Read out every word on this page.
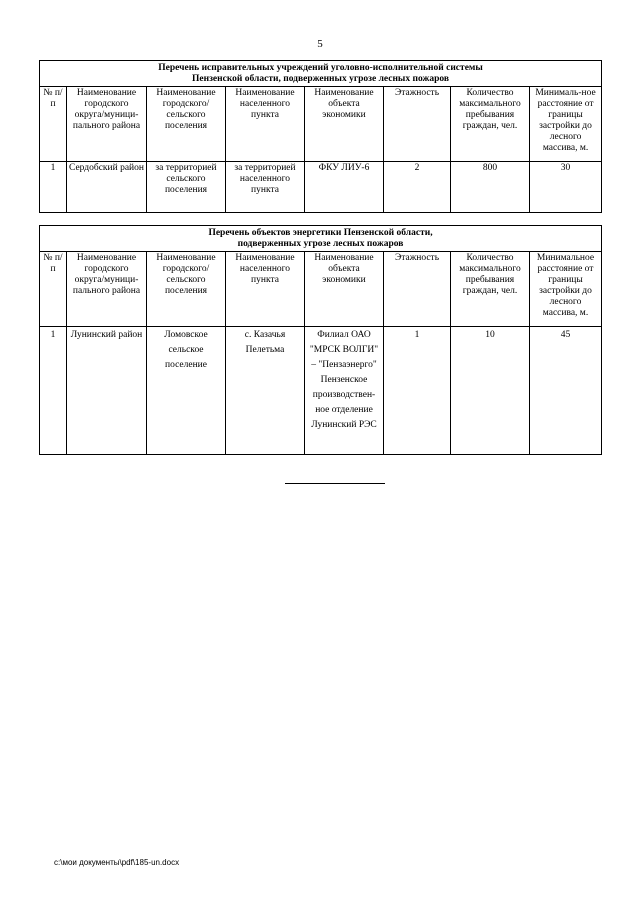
5
Перечень исправительных учреждений уголовно-исполнительной системы
Пензенской области, подверженных угрозе лесных пожаров							

№ п/п	Наименование городского округа/муници-пального района	Наименование городского/ сельского поселения	Наименование населенного пункта	Наименование объекта экономики	Этажность	Количество максимального пребывания граждан, чел.	Минималь-ное расстояние от границы застройки до лесного массива, м.
1	Сердобский район	за территорией сельского поселения	за территорией населенного пункта	ФКУ ЛИУ-6	2	800	30
Перечень объектов энергетики Пензенской области,
подверженных угрозе лесных пожаров							

№ п/п	Наименование городского округа/муници-пального района	Наименование городского/ сельского поселения	Наименование населенного пункта	Наименование объекта экономики	Этажность	Количество максимального пребывания граждан, чел.	Минимальное расстояние от границы застройки до лесного массива, м.
1	Лунинский район	Ломовское сельское поселение	с. Казачья Пелетьма	Филиал ОАО "МРСК ВОЛГИ" – "Пензаэнерго" Пензенское производствен-ное отделение Лунинский РЭС	1	10	45
c:\мои документы\pdf\185-un.docx
